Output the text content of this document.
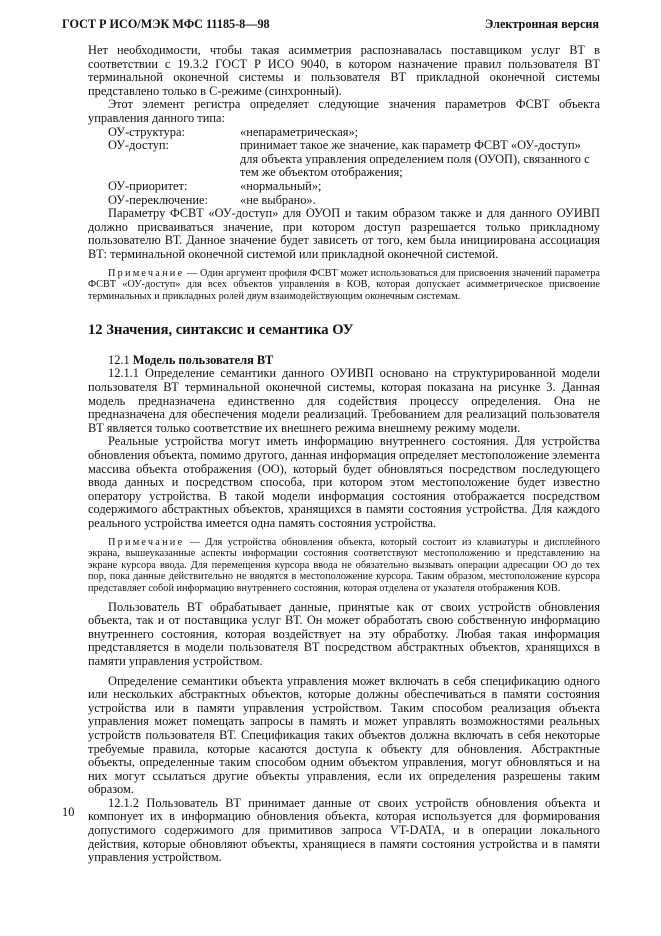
ГОСТ Р ИСО/МЭК МФС 11185-8—98	Электронная версия

Нет необходимости, чтобы такая асимметрия распознавалась поставщиком услуг ВТ в соответствии с 19.3.2 ГОСТ Р ИСО 9040, в котором назначение правил пользователя ВТ терминальной оконечной системы и пользователя ВТ прикладной оконечной системы представлено только в С-режиме (синхронный).

Этот элемент регистра определяет следующие значения параметров ФСВТ объекта управления данного типа:

ОУ-структура:	«непараметрическая»;
ОУ-доступ:	принимает такое же значение, как параметр ФСВТ «ОУ-доступ» для объекта управления определением поля (ОУОП), связанного с тем же объектом отображения;
ОУ-приоритет:	«нормальный»;
ОУ-переключение:	«не выбрано».

Параметру ФСВТ «ОУ-доступ» для ОУОП и таким образом также и для данного ОУИВП должно присваиваться значение, при котором доступ разрешается только прикладному пользователю ВТ. Данное значение будет зависеть от того, кем была инициирована ассоциация ВТ: терминальной оконечной системой или прикладной оконечной системой.

Примечание — Один аргумент профиля ФСВТ может использоваться для присвоения значений параметра ФСВТ «ОУ-доступ» для всех объектов управления в КОВ, которая допускает асимметрическое присвоение терминальных и прикладных ролей двум взаимодействующим оконечным системам.

12 Значения, синтаксис и семантика ОУ

12.1 Модель пользователя ВТ

12.1.1 Определение семантики данного ОУИВП основано на структурированной модели пользователя ВТ терминальной оконечной системы, которая показана на рисунке 3. Данная модель предназначена единственно для содействия процессу определения. Она не предназначена для обеспечения модели реализаций. Требованием для реализаций пользователя ВТ является только соответствие их внешнего режима внешнему режиму модели.

Реальные устройства могут иметь информацию внутреннего состояния. Для устройства обновления объекта, помимо другого, данная информация определяет местоположение элемента массива объекта отображения (ОО), который будет обновляться посредством последующего ввода данных и посредством способа, при котором этом местоположение будет известно оператору устройства. В такой модели информация состояния отображается посредством содержимого абстрактных объектов, хранящихся в памяти состояния устройства. Для каждого реального устройства имеется одна память состояния устройства.

Примечание — Для устройства обновления объекта, который состоит из клавиатуры и дисплейного экрана, вышеуказанные аспекты информации состояния соответствуют местоположению и представлению на экране курсора ввода. Для перемещения курсора ввода не обязательно вызывать операции адресации ОО до тех пор, пока данные действительно не вводятся в местоположение курсора. Таким образом, местоположение курсора представляет собой информацию внутреннего состояния, которая отделена от указателя отображения КОВ.

Пользователь ВТ обрабатывает данные, принятые как от своих устройств обновления объекта, так и от поставщика услуг ВТ. Он может обработать свою собственную информацию внутреннего состояния, которая воздействует на эту обработку. Любая такая информация представляется в модели пользователя ВТ посредством абстрактных объектов, хранящихся в памяти управления устройством.

Определение семантики объекта управления может включать в себя спецификацию одного или нескольких абстрактных объектов, которые должны обеспечиваться в памяти состояния устройства или в памяти управления устройством. Таким способом реализация объекта управления может помещать запросы в память и может управлять возможностями реальных устройств пользователя ВТ. Спецификация таких объектов должна включать в себя некоторые требуемые правила, которые касаются доступа к объекту для обновления. Абстрактные объекты, определенные таким способом одним объектом управления, могут обновляться и на них могут ссылаться другие объекты управления, если их определения разрешены таким образом.

12.1.2 Пользователь ВТ принимает данные от своих устройств обновления объекта и компонует их в информацию обновления объекта, которая используется для формирования допустимого содержимого для примитивов запроса VT-DATA, и в операции локального действия, которые обновляют объекты, хранящиеся в памяти состояния устройства и в памяти управления устройством.

10
